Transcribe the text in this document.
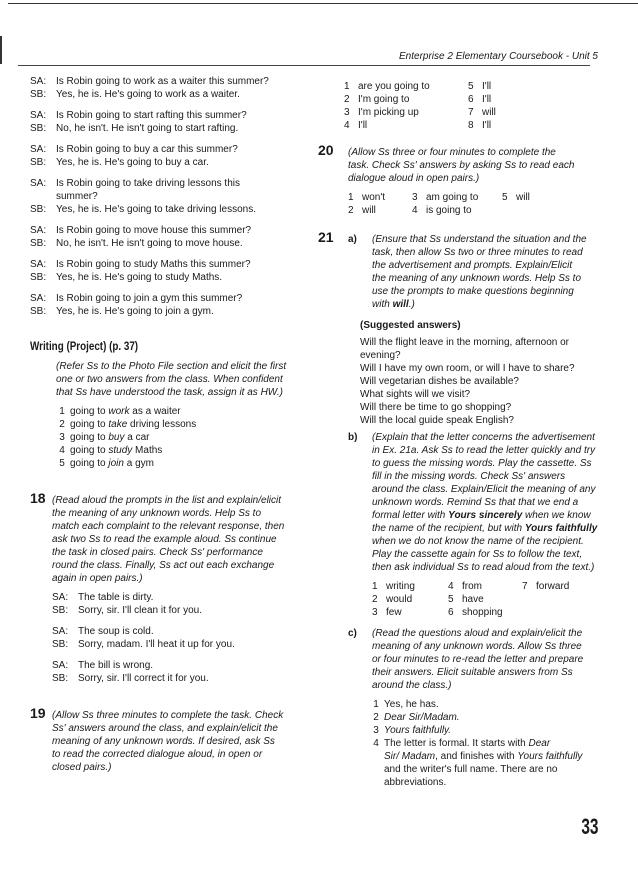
Enterprise 2 Elementary Coursebook - Unit 5
SA: Is Robin going to work as a waiter this summer?
SB: Yes, he is. He's going to work as a waiter.
SA: Is Robin going to start rafting this summer?
SB: No, he isn't. He isn't going to start rafting.
SA: Is Robin going to buy a car this summer?
SB: Yes, he is. He's going to buy a car.
SA: Is Robin going to take driving lessons this
summer?
SB: Yes, he is. He's going to take driving lessons.
SA: Is Robin going to move house this summer?
SB: No, he isn't. He isn't going to move house.
SA: Is Robin going to study Maths this summer?
SB: Yes, he is. He's going to study Maths.
SA: Is Robin going to join a gym this summer?
SB: Yes, he is. He's going to join a gym.
Writing (Project) (p. 37)
(Refer Ss to the Photo File section and elicit the first
one or two answers from the class. When confident
that Ss have understood the task, assign it as HW.)
1 going to work as a waiter
2 going to take driving lessons
3 going to buy a car
4 going to study Maths
5 going to join a gym
18 (Read aloud the prompts in the list and explain/elicit
the meaning of any unknown words. Help Ss to
match each complaint to the relevant response, then
ask two Ss to read the example aloud. Ss continue
the task in closed pairs. Check Ss' performance
round the class. Finally, Ss act out each exchange
again in open pairs.)
SA: The table is dirty.
SB: Sorry, sir. I'll clean it for you.
SA: The soup is cold.
SB: Sorry, madam. I'll heat it up for you.
SA: The bill is wrong.
SB: Sorry, sir. I'll correct it for you.
19 (Allow Ss three minutes to complete the task. Check
Ss' answers around the class, and explain/elicit the
meaning of any unknown words. If desired, ask Ss
to read the corrected dialogue aloud, in open or
closed pairs.)
1 are you going to	5 I'll
2 I'm going to	6 I'll
3 I'm picking up	7 will
4 I'll	8 I'll
20	(Allow Ss three or four minutes to complete the
task. Check Ss' answers by asking Ss to read each
dialogue aloud in open pairs.)
1 won't	3 am going to	5 will
2 will	4 is going to
21	a)	(Ensure that Ss understand the situation and the
task, then allow Ss two or three minutes to read
the advertisement and prompts. Explain/Elicit
the meaning of any unknown words. Help Ss to
use the prompts to make questions beginning
with will.)
(Suggested answers)
Will the flight leave in the morning, afternoon or
evening?
Will I have my own room, or will I have to share?
Will vegetarian dishes be available?
What sights will we visit?
Will there be time to go shopping?
Will the local guide speak English?
b)	(Explain that the letter concerns the advertisement
in Ex. 21a. Ask Ss to read the letter quickly and try
to guess the missing words. Play the cassette. Ss
fill in the missing words. Check Ss' answers
around the class. Explain/Elicit the meaning of any
unknown words. Remind Ss that that we end a
formal letter with Yours sincerely when we know
the name of the recipient, but with Yours faithfully
when we do not know the name of the recipient.
Play the cassette again for Ss to follow the text,
then ask individual Ss to read aloud from the text.)
1 writing	4 from	7 forward
2 would	5 have
3 few	6 shopping
c)	(Read the questions aloud and explain/elicit the
meaning of any unknown words. Allow Ss three
or four minutes to re-read the letter and prepare
their answers. Elicit suitable answers from Ss
around the class.)
1 Yes, he has.
2 Dear Sir/Madam.
3 Yours faithfully.
4 The letter is formal. It starts with Dear
Sir/ Madam, and finishes with Yours faithfully
and the writer's full name. There are no
abbreviations.
33
